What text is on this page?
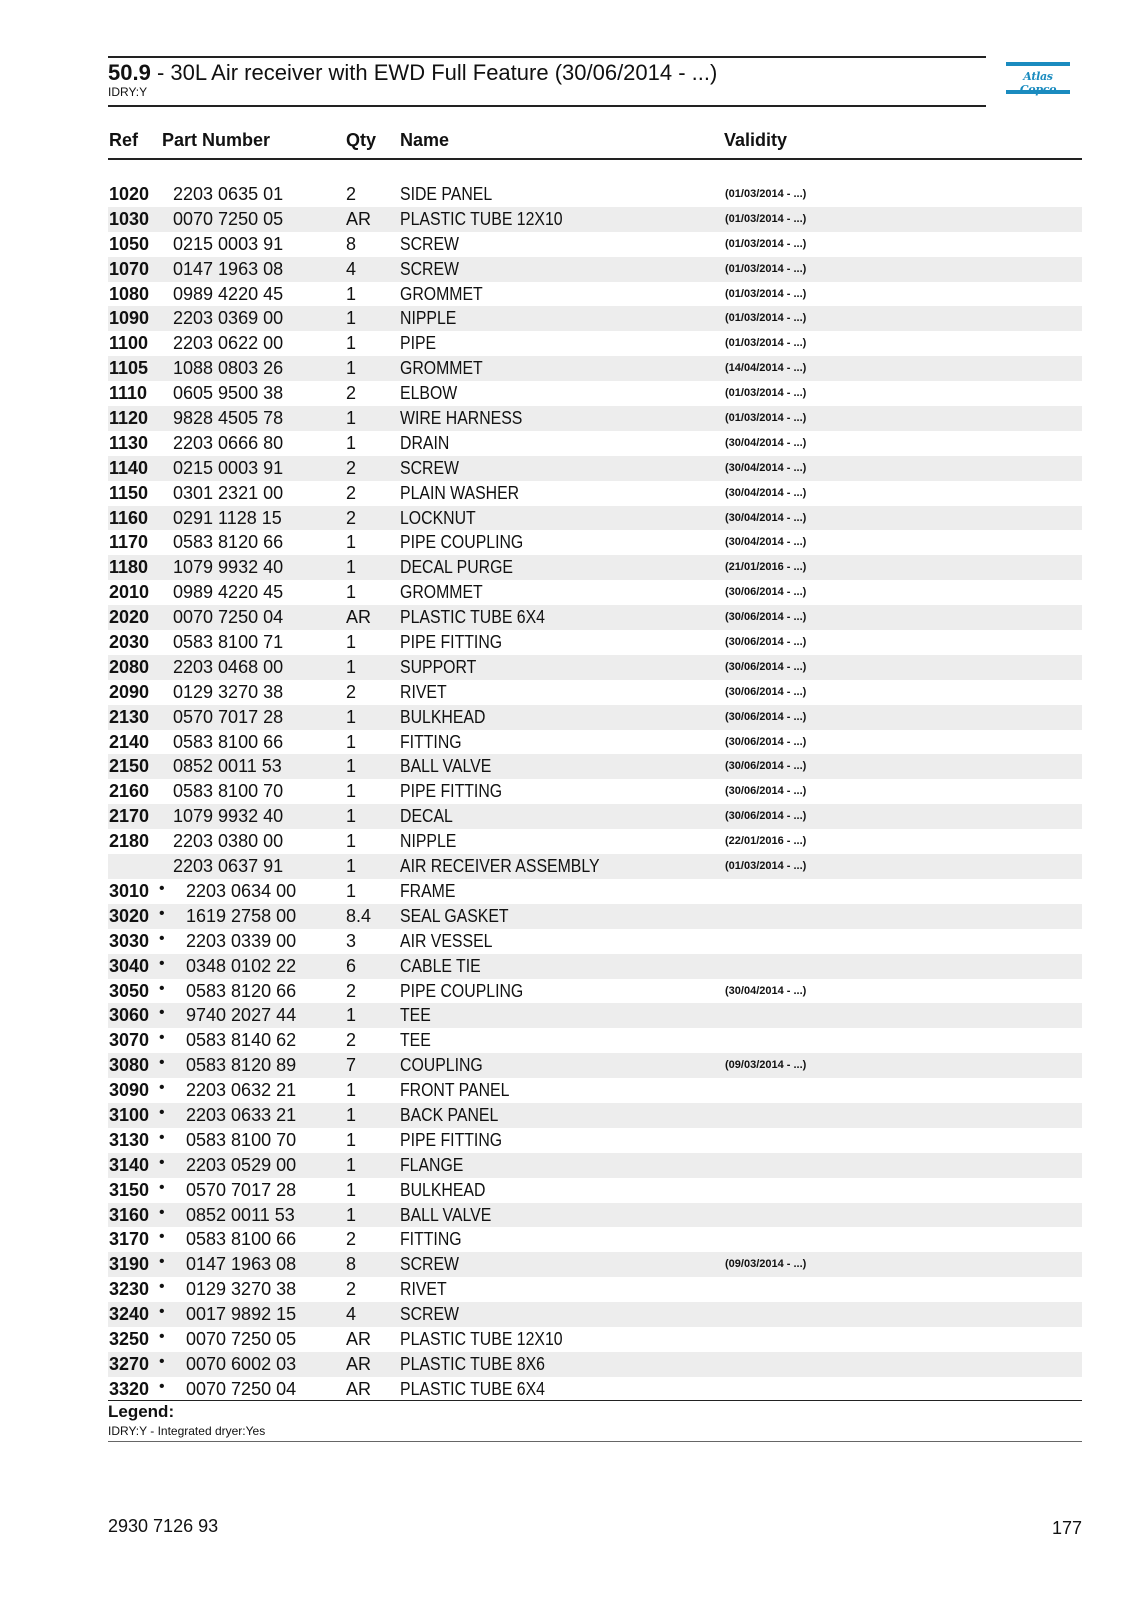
50.9 - 30L Air receiver with EWD Full Feature (30/06/2014 - ...)
IDRY:Y
Atlas
Ref Part Number	Qty Name	Validity
1020 2203 0635 01	2 SIDE PANEL	(01/03/2014 - ...)
1030 0070 7250 05	AR PLASTIC TUBE 12X10	(01/03/2014 - ...)
1050 0215 0003 91	8 SCREW	(01/03/2014 - ...)
1070 0147 1963 08	4 SCREW	(01/03/2014 - ...)
1080 0989 4220 45	1 GROMMET	(01/03/2014 - ...)
1090 2203 0369 00	1 NIPPLE	(01/03/2014 - ...)
1100 2203 0622 00	1 PIPE	(01/03/2014 - ...)
1105 1088 0803 26	1 GROMMET	(14/04/2014 - ...)
1110 0605 9500 38	2 ELBOW	(01/03/2014 - ...)
1120 9828 4505 78	1 WIRE HARNESS	(01/03/2014 - ...)
1130 2203 0666 80	1 DRAIN	(30/04/2014 - ...)
1140 0215 0003 91	2 SCREW	(30/04/2014 - ...)
1150 0301 2321 00	2 PLAIN WASHER	(30/04/2014 - ...)
1160 0291 1128 15	2 LOCKNUT	(30/04/2014 - ...)
1170 0583 8120 66	1 PIPE COUPLING	(30/04/2014 - ...)
1180 1079 9932 40	1 DECAL PURGE	(21/01/2016 - ...)
2010 0989 4220 45	1 GROMMET	(30/06/2014 - ...)
2020 0070 7250 04	AR PLASTIC TUBE 6X4	(30/06/2014 - ...)
2030 0583 8100 71	1 PIPE FITTING	(30/06/2014 - ...)
2080 2203 0468 00	1 SUPPORT	(30/06/2014 - ...)
2090 0129 3270 38	2 RIVET	(30/06/2014 - ...)
2130 0570 7017 28	1 BULKHEAD	(30/06/2014 - ...)
2140 0583 8100 66	1 FITTING	(30/06/2014 - ...)
2150 0852 0011 53	1 BALL VALVE	(30/06/2014 - ...)
2160 0583 8100 70	1 PIPE FITTING	(30/06/2014 - ...)
2170 1079 9932 40	1 DECAL	(30/06/2014 - ...)
2180 2203 0380 00	1 NIPPLE	(22/01/2016 - ...)
2203 0637 91	1 AIR RECEIVER ASSEMBLY	(01/03/2014 - ...)
3010 • 2203 0634 00	1 FRAME
3020 • 1619 2758 00	8.4 SEAL GASKET
3030 • 2203 0339 00	3 AIR VESSEL
3040 • 0348 0102 22	6 CABLE TIE
3050 • 0583 8120 66	2 PIPE COUPLING	(30/04/2014 - ...)
3060 • 9740 2027 44	1 TEE
3070 • 0583 8140 62	2 TEE
3080 • 0583 8120 89	7 COUPLING	(09/03/2014 - ...)
3090 • 2203 0632 21	1 FRONT PANEL
3100 • 2203 0633 21	1 BACK PANEL
3130 • 0583 8100 70	1 PIPE FITTING
3140 • 2203 0529 00	1 FLANGE
3150 • 0570 7017 28	1 BULKHEAD
3160 • 0852 0011 53	1 BALL VALVE
3170 • 0583 8100 66	2 FITTING
3190 • 0147 1963 08	8 SCREW	(09/03/2014 - ...)
3230 • 0129 3270 38	2 RIVET
3240 • 0017 9892 15	4 SCREW
3250 • 0070 7250 05	AR PLASTIC TUBE 12X10
3270 • 0070 6002 03	AR PLASTIC TUBE 8X6
3320 • 0070 7250 04	AR PLASTIC TUBE 6X4
Legend:
IDRY:Y - Integrated dryer:Yes
2930 7126 93	177
